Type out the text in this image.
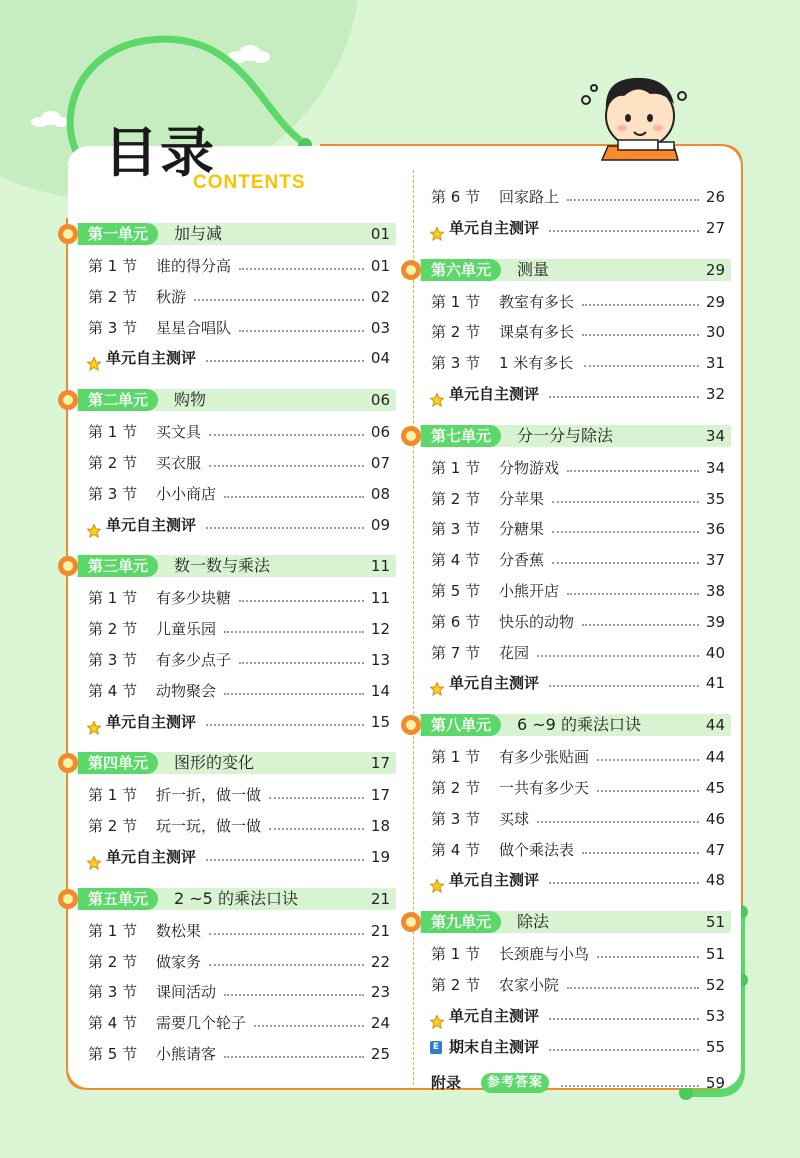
目录
CONTENTS
第一单元	加与减	01
第 1 节 谁的得分高	01
第 2 节 秋游	02
第 3 节 星星合唱队	03
单元自主测评	04
第二单元	购物	06
第 1 节 买文具	06
第 2 节 买衣服	07
第 3 节 小小商店	08
单元自主测评	09
第三单元	数一数与乘法	11
第 1 节 有多少块糖	11
第 2 节 儿童乐园	12
第 3 节 有多少点子	13
第 4 节 动物聚会	14
单元自主测评	15
第四单元	图形的变化	17
第 1 节 折一折，做一做	17
第 2 节 玩一玩，做一做	18
单元自主测评	19
第五单元	2 ~5 的乘法口诀	21
第 1 节 数松果	21
第 2 节 做家务	22
第 3 节 课间活动	23
第 4 节 需要几个轮子	24
第 5 节 小熊请客	25
第 6 节 回家路上	26
单元自主测评	27
第六单元	测量	29
第 1 节 教室有多长	29
第 2 节 课桌有多长	30
第 3 节 1 米有多长	31
单元自主测评	32
第七单元	分一分与除法	34
第 1 节 分物游戏	34
第 2 节 分苹果	35
第 3 节 分糖果	36
第 4 节 分香蕉	37
第 5 节 小熊开店	38
第 6 节 快乐的动物	39
第 7 节 花园	40
单元自主测评	41
第八单元	6 ~9 的乘法口诀	44
第 1 节 有多少张贴画	44
第 2 节 一共有多少天	45
第 3 节 买球	46
第 4 节 做个乘法表	47
单元自主测评	48
第九单元	除法	51
第 1 节 长颈鹿与小鸟	51
第 2 节 农家小院	52
单元自主测评	53
E 期末自主测评	55
附录	参考答案	59
